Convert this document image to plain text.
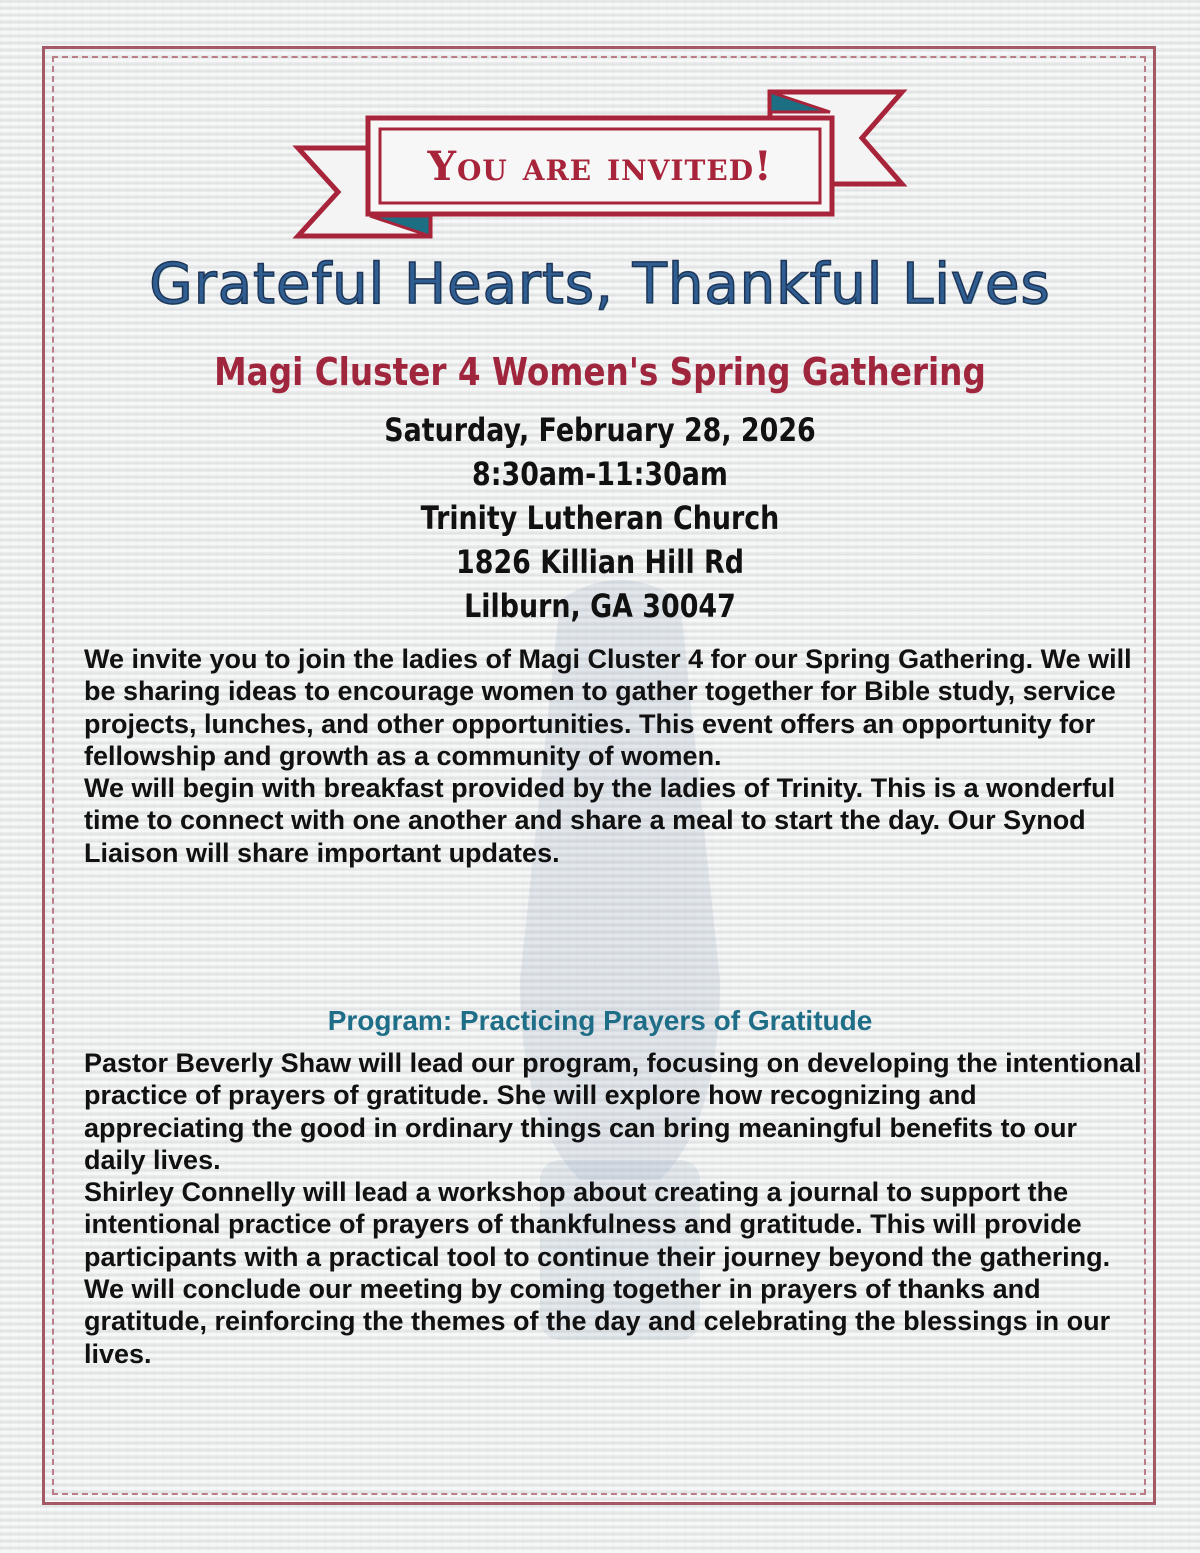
You are invited!
Grateful Hearts, Thankful Lives
Magi Cluster 4 Women's Spring Gathering
Saturday, February 28, 2026
8:30am-11:30am
Trinity Lutheran Church
1826 Killian Hill Rd
Lilburn, GA 30047

We invite you to join the ladies of Magi Cluster 4 for our Spring Gathering. We will be sharing ideas to encourage women to gather together for Bible study, service projects, lunches, and other opportunities. This event offers an opportunity for fellowship and growth as a community of women.

We will begin with breakfast provided by the ladies of Trinity. This is a wonderful time to connect with one another and share a meal to start the day. Our Synod Liaison will share important updates.

Program: Practicing Prayers of Gratitude

Pastor Beverly Shaw will lead our program, focusing on developing the intentional practice of prayers of gratitude. She will explore how recognizing and appreciating the good in ordinary things can bring meaningful benefits to our daily lives.

Shirley Connelly will lead a workshop about creating a journal to support the intentional practice of prayers of thankfulness and gratitude. This will provide participants with a practical tool to continue their journey beyond the gathering.

We will conclude our meeting by coming together in prayers of thanks and gratitude, reinforcing the themes of the day and celebrating the blessings in our lives.
